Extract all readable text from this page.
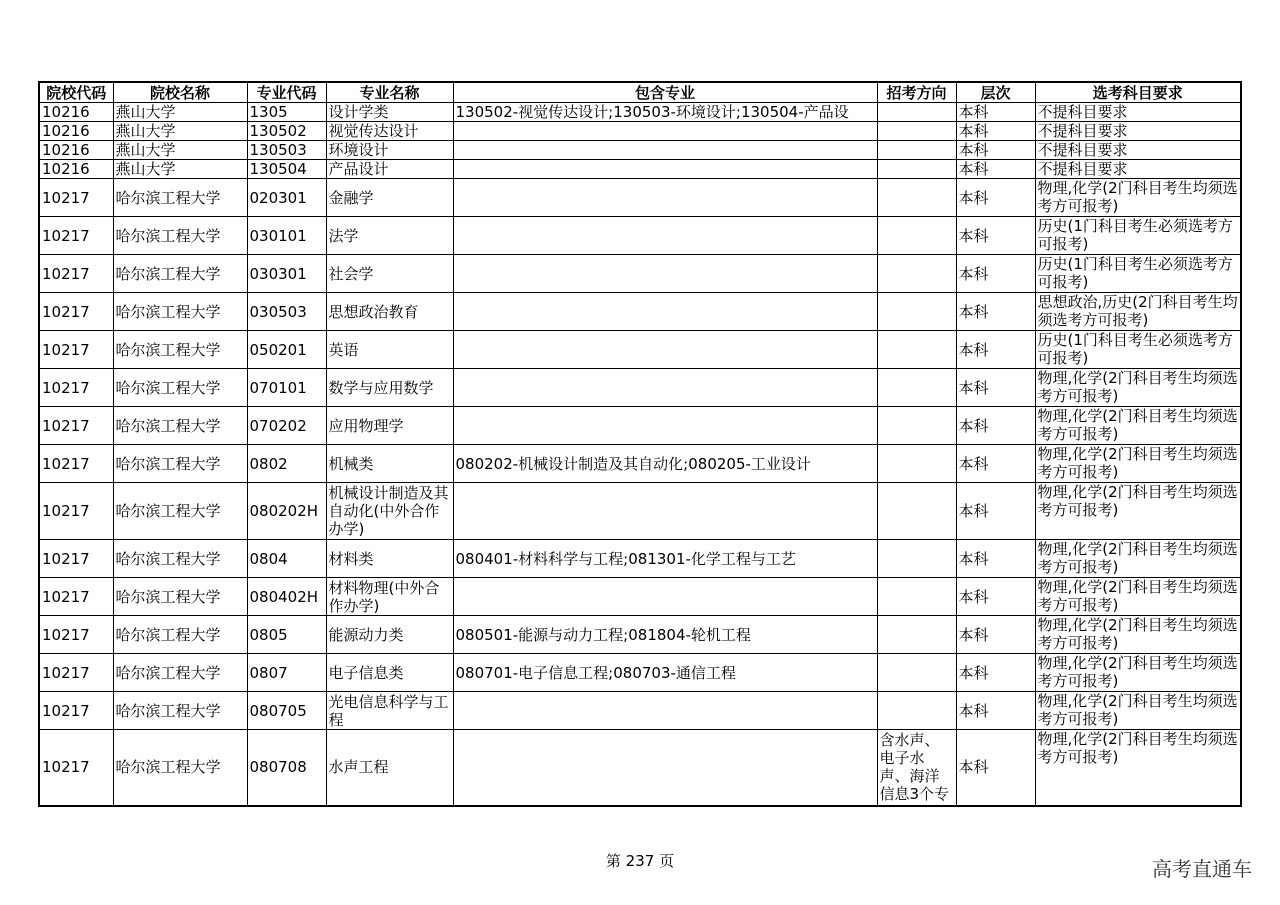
院校代码	院校名称	专业代码	专业名称	包含专业	招考方向	层次	选考科目要求
10216	燕山大学	1305	设计学类	130502-视觉传达设计;130503-环境设计;130504-产品设		本科	不提科目要求
10216	燕山大学	130502	视觉传达设计			本科	不提科目要求
10216	燕山大学	130503	环境设计			本科	不提科目要求
10216	燕山大学	130504	产品设计			本科	不提科目要求
10217	哈尔滨工程大学	020301	金融学			本科	物理,化学(2门科目考生均须选考方可报考)
10217	哈尔滨工程大学	030101	法学			本科	历史(1门科目考生必须选考方可报考)
10217	哈尔滨工程大学	030301	社会学			本科	历史(1门科目考生必须选考方可报考)
10217	哈尔滨工程大学	030503	思想政治教育			本科	思想政治,历史(2门科目考生均须选考方可报考)
10217	哈尔滨工程大学	050201	英语			本科	历史(1门科目考生必须选考方可报考)
10217	哈尔滨工程大学	070101	数学与应用数学			本科	物理,化学(2门科目考生均须选考方可报考)
10217	哈尔滨工程大学	070202	应用物理学			本科	物理,化学(2门科目考生均须选考方可报考)
10217	哈尔滨工程大学	0802	机械类	080202-机械设计制造及其自动化;080205-工业设计		本科	物理,化学(2门科目考生均须选考方可报考)
10217	哈尔滨工程大学	080202H	机械设计制造及其自动化(中外合作办学)			本科	物理,化学(2门科目考生均须选考方可报考)
10217	哈尔滨工程大学	0804	材料类	080401-材料科学与工程;081301-化学工程与工艺		本科	物理,化学(2门科目考生均须选考方可报考)
10217	哈尔滨工程大学	080402H	材料物理(中外合作办学)			本科	物理,化学(2门科目考生均须选考方可报考)
10217	哈尔滨工程大学	0805	能源动力类	080501-能源与动力工程;081804-轮机工程		本科	物理,化学(2门科目考生均须选考方可报考)
10217	哈尔滨工程大学	0807	电子信息类	080701-电子信息工程;080703-通信工程		本科	物理,化学(2门科目考生均须选考方可报考)
10217	哈尔滨工程大学	080705	光电信息科学与工程			本科	物理,化学(2门科目考生均须选考方可报考)
10217	哈尔滨工程大学	080708	水声工程		含水声、电子水声、海洋信息3个专	本科	物理,化学(2门科目考生均须选考方可报考)
第 237 页	高考直通车
